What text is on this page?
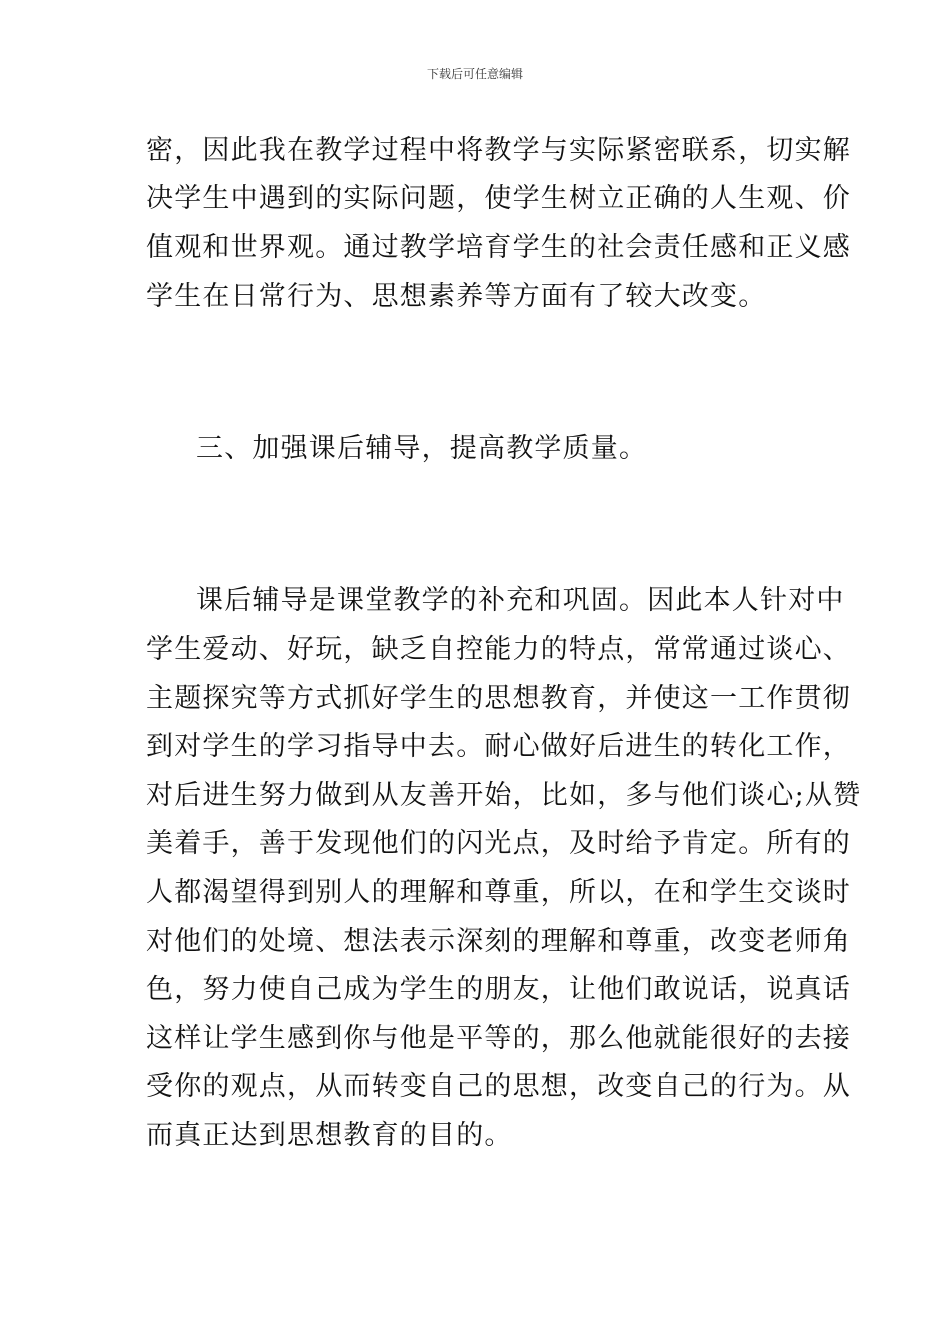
下载后可任意编辑
密，因此我在教学过程中将教学与实际紧密联系，切实解
决学生中遇到的实际问题，使学生树立正确的人生观、价
值观和世界观。通过教学培育学生的社会责任感和正义感
学生在日常行为、思想素养等方面有了较大改变。
三、加强课后辅导，提高教学质量。
课后辅导是课堂教学的补充和巩固。因此本人针对中
学生爱动、好玩，缺乏自控能力的特点，常常通过谈心、
主题探究等方式抓好学生的思想教育，并使这一工作贯彻
到对学生的学习指导中去。耐心做好后进生的转化工作，
对后进生努力做到从友善开始，比如，多与他们谈心;从赞
美着手，善于发现他们的闪光点，及时给予肯定。所有的
人都渴望得到别人的理解和尊重，所以，在和学生交谈时
对他们的处境、想法表示深刻的理解和尊重，改变老师角
色，努力使自己成为学生的朋友，让他们敢说话，说真话
这样让学生感到你与他是平等的，那么他就能很好的去接
受你的观点，从而转变自己的思想，改变自己的行为。从
而真正达到思想教育的目的。
